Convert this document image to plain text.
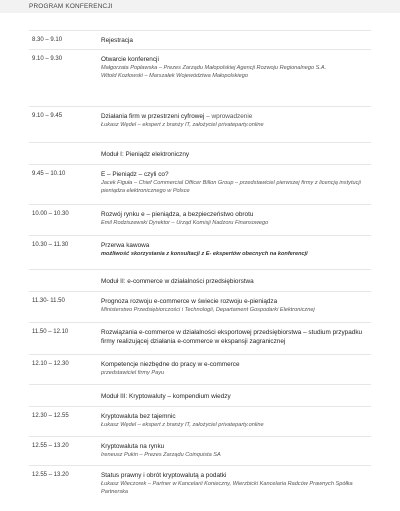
PROGRAM KONFERENCJI
8.30 – 9.10	Rejestracja
9.10 – 9.30	Otwarcie konferencji
Małgorzata Popławska – Prezes Zarządu Małopolskiej Agencji Rozwoju Regionalnego S.A.
Witold Kozłowski – Marszałek Województwa Małopolskiego
9.10 – 9.45	Działania firm w przestrzeni cyfrowej – wprowadzenie
Łukasz Wędel – ekspert z branży IT, założyciel privateparty.online
Moduł I: Pieniądz elektroniczny
9.45 – 10.10	E – Pieniądz – czyli co?
Jacek Figuła – Chief Commercial Officer Billon Group – przedstawiciel pierwszej firmy z licencją instytucji pieniądza elektronicznego w Polsce
10.00 – 10.30	Rozwój rynku e – pieniądza, a bezpieczeństwo obrotu
Emil Rodziszewski Dyrektor – Urząd Komisji Nadzoru Finansowego
10.30 – 11.30	Przerwa kawowa
możliwość skorzystania z konsultacji z E- ekspertów obecnych na konferencji
Moduł II: e-commerce w działalności przedsiębiorstwa
11.30- 11.50	Prognoza rozwoju e-commerce w świecie rozwoju e-pieniądza
Ministerstwo Przedsiębiorczości i Technologii, Departament Gospodarki Elektronicznej
11.50 – 12.10	Rozwiązania e-commerce w działalności eksportowej przedsiębiorstwa – studium przypadku firmy realizującej działania e-commerce w ekspansji zagranicznej
12.10 – 12.30	Kompetencje niezbędne do pracy w e-commerce
przedstawiciel firmy Payu
Moduł III: Kryptowaluty – kompendium wiedzy
12.30 – 12.55	Kryptowaluta bez tajemnic
Łukasz Wędel – ekspert z branży IT, założyciel privateparty.online
12.55 – 13.20	Kryptowaluta na rynku
Ireneusz Pukin – Prezes Zarządu Coinquista SA
12.55 – 13.20	Status prawny i obrót kryptowalutą a podatki
Łukasz Wieczorek – Partner w Kancelarii Konieczny, Wierzbicki Kancelaria Radców Prawnych Spółka Partnerska
